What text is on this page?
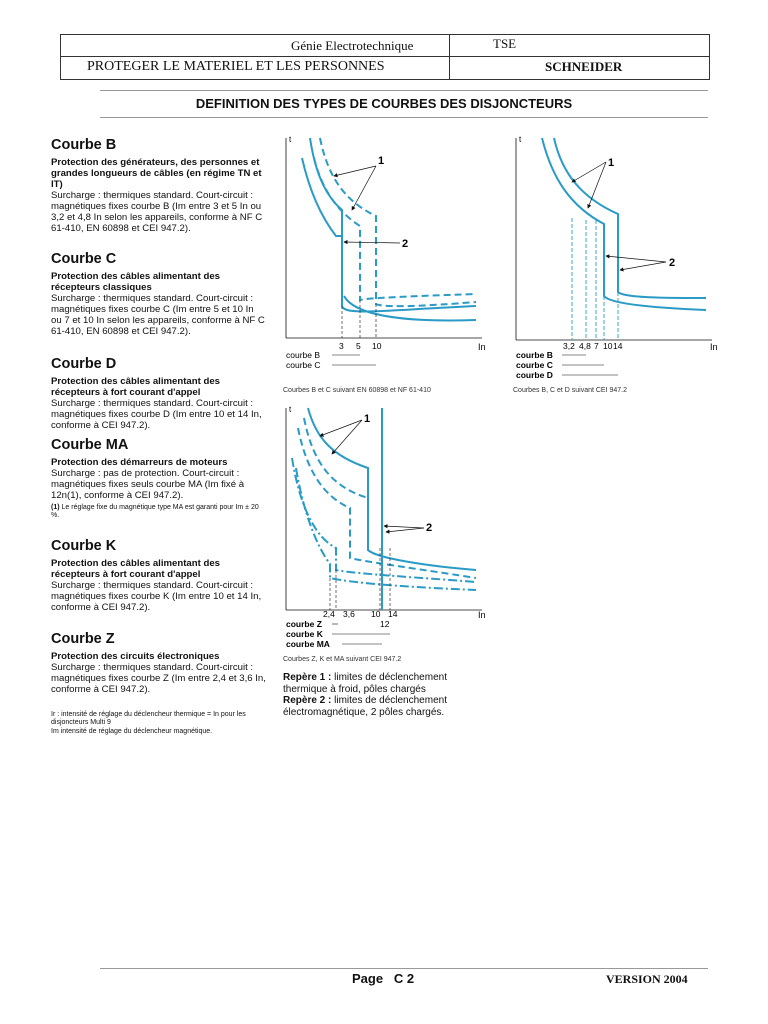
Génie Electrotechnique	TSE
PROTEGER LE MATERIEL ET LES PERSONNES	SCHNEIDER
DEFINITION DES TYPES DE COURBES DES DISJONCTEURS
Courbe B

Protection des générateurs, des personnes et grandes longueurs de câbles (en régime TN et IT)

Surcharge : thermiques standard. Court-circuit : magnétiques fixes courbe B (Im entre 3 et 5 In ou 3,2 et 4,8 In selon les appareils, conforme à NF C 61-410, EN 60898 et CEI 947.2).

Courbe C

Protection des câbles alimentant des récepteurs classiques

Surcharge : thermiques standard. Court-circuit : magnétiques fixes courbe C (Im entre 5 et 10 In ou 7 et 10 In selon les appareils, conforme à NF C 61-410, EN 60898 et CEI 947.2).

Courbe D

Protection des câbles alimentant des récepteurs à fort courant d'appel

Surcharge : thermiques standard. Court-circuit : magnétiques fixes courbe D (Im entre 10 et 14 In, conforme à CEI 947.2).

Courbe MA

Protection des démarreurs de moteurs

Surcharge : pas de protection. Court-circuit : magnétiques fixes seuls courbe MA (Im fixé à 12n(1), conforme à CEI 947.2).

(1) Le réglage fixe du magnétique type MA est garanti pour Im ± 20 %.

Courbe K

Protection des câbles alimentant des récepteurs à fort courant d'appel

Surcharge : thermiques standard. Court-circuit : magnétiques fixes courbe K (Im entre 10 et 14 In, conforme à CEI 947.2).

Courbe Z

Protection des circuits électroniques

Surcharge : thermiques standard. Court-circuit : magnétiques fixes courbe Z (Im entre 2,4 et 3,6 In, conforme à CEI 947.2).

Ir : intensité de réglage du déclencheur thermique = In pour les disjoncteurs Multi 9
Im intensité de réglage du déclencheur magnétique.
t
In
3 5 10
1
2
courbe B
courbe C
Courbes B et C suivant EN 60898 et NF 61-410
t
In
3,2 4,8 7 10 14
1
2
courbe B
courbe C
courbe D
Courbes B, C et D suivant CEI 947.2
t
In
2,4 3,6 10 14
12
1
2
courbe Z
courbe K
courbe MA
Courbes Z, K et MA suivant CEI 947.2

Repère 1 : limites de déclenchement thermique à froid, pôles chargés

Repère 2 : limites de déclenchement électromagnétique, 2 pôles chargés.

Page   C 2	VERSION 2004
